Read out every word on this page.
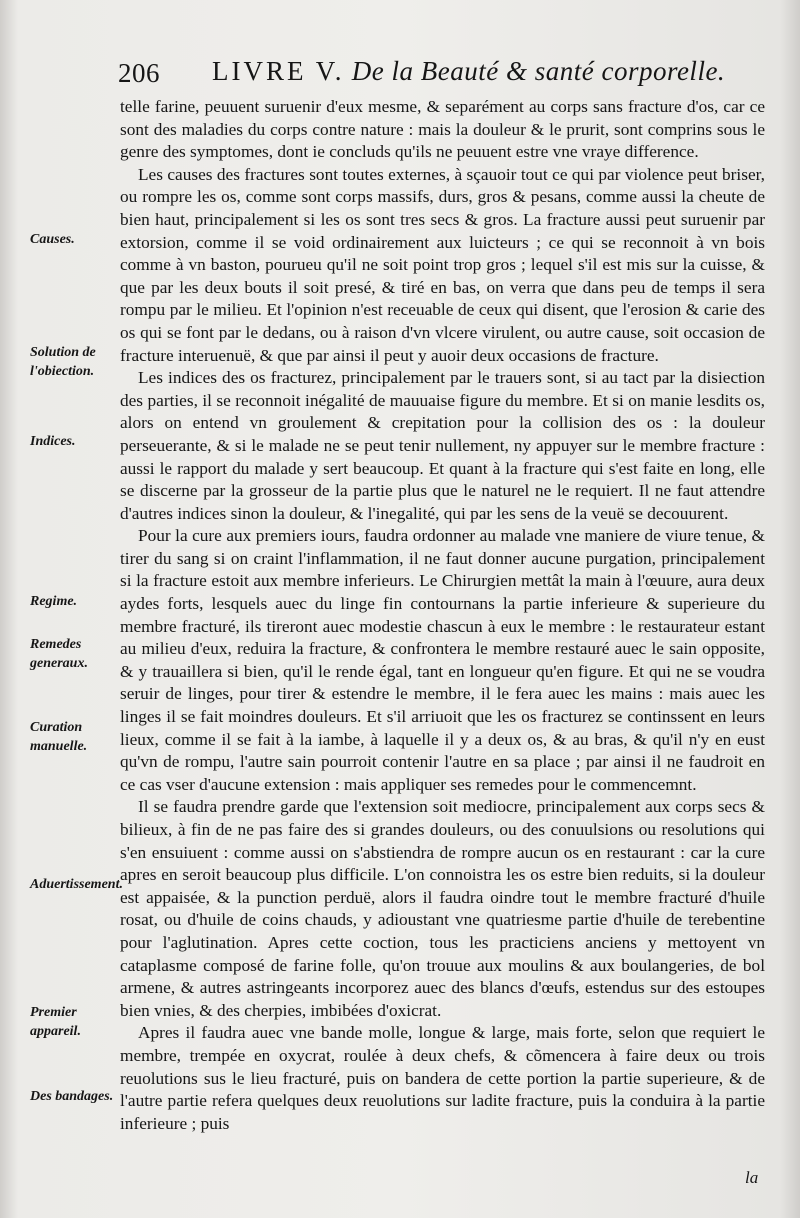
206 LIVRE V. De la Beauté & santé corporelle.

telle farine, peuuent suruenir d'eux mesme, & separément au corps sans fracture d'os, car ce sont des maladies du corps contre nature : mais la douleur & le prurit, sont comprins sous le genre des symptomes, dont ie concluds qu'ils ne peuuent estre vne vraye difference.

Les causes des fractures sont toutes externes, à sçauoir tout ce qui par violence peut briser, ou rompre les os, comme sont corps massifs, durs, gros & pesans, comme aussi la cheute de bien haut, principalement si les os sont tres secs & gros. La fracture aussi peut suruenir par extorsion, comme il se void ordinairement aux luicteurs ; ce qui se reconnoit à vn bois comme à vn baston, pourueu qu'il ne soit point trop gros ; lequel s'il est mis sur la cuisse, & que par les deux bouts il soit presé, & tiré en bas, on verra que dans peu de temps il sera rompu par le milieu. Et l'opinion n'est receuable de ceux qui disent, que l'erosion & carie des os qui se font par le dedans, ou à raison d'vn vlcere virulent, ou autre cause, soit occasion de fracture interuenuë, & que par ainsi il peut y auoir deux occasions de fracture.

Les indices des os fracturez, principalement par le trauers sont, si au tact par la disiection des parties, il se reconnoit inégalité de mauuaise figure du membre. Et si on manie lesdits os, alors on entend vn groulement & crepitation pour la collision des os : la douleur perseuerante, & si le malade ne se peut tenir nullement, ny appuyer sur le membre fracture : aussi le rapport du malade y sert beaucoup. Et quant à la fracture qui s'est faite en long, elle se discerne par la grosseur de la partie plus que le naturel ne le requiert. Il ne faut attendre d'autres indices sinon la douleur, & l'inegalité, qui par les sens de la veuë se decouurent.

Pour la cure aux premiers iours, faudra ordonner au malade vne maniere de viure tenue, & tirer du sang si on craint l'inflammation, il ne faut donner aucune purgation, principalement si la fracture estoit aux membre inferieurs. Le Chirurgien mettât la main à l'œuure, aura deux aydes forts, lesquels auec du linge fin contournans la partie inferieure & superieure du membre fracturé, ils tireront auec modestie chascun à eux le membre : le restaurateur estant au milieu d'eux, reduira la fracture, & confrontera le membre restauré auec le sain opposite, & y trauaillera si bien, qu'il le rende égal, tant en longueur qu'en figure. Et qui ne se voudra seruir de linges, pour tirer & estendre le membre, il le fera auec les mains : mais auec les linges il se fait moindres douleurs. Et s'il arriuoit que les os fracturez se continssent en leurs lieux, comme il se fait à la iambe, à laquelle il y a deux os, & au bras, & qu'il n'y en eust qu'vn de rompu, l'autre sain pourroit contenir l'autre en sa place ; par ainsi il ne faudroit en ce cas vser d'aucune extension : mais appliquer ses remedes pour le commencemnt.

Il se faudra prendre garde que l'extension soit mediocre, principalement aux corps secs & bilieux, à fin de ne pas faire des si grandes douleurs, ou des conuulsions ou resolutions qui s'en ensuiuent : comme aussi on s'abstiendra de rompre aucun os en restaurant : car la cure apres en seroit beaucoup plus difficile. L'on connoistra les os estre bien reduits, si la douleur est appaisée, & la punction perduë, alors il faudra oindre tout le membre fracturé d'huile rosat, ou d'huile de coins chauds, y adioustant vne quatriesme partie d'huile de terebentine pour l'aglutination. Apres cette coction, tous les practiciens anciens y mettoyent vn cataplasme composé de farine folle, qu'on trouue aux moulins & aux boulangeries, de bol armene, & autres astringeants incorporez auec des blancs d'œufs, estendus sur des estoupes bien vnies, & des cherpies, imbibées d'oxicrat.

Apres il faudra auec vne bande molle, longue & large, mais forte, selon que requiert le membre, trempée en oxycrat, roulée à deux chefs, & cõmencera à faire deux ou trois reuolutions sus le lieu fracturé, puis on bandera de cette portion la partie superieure, & de l'autre partie refera quelques deux reuolutions sur ladite fracture, puis la conduira à la partie inferieure ; puis

Causes.
Solution de l'obiection.
Indices.
Regime.
Remedes generaux.
Curation manuelle.
Aduertissement.
Premier appareil.
Des bandages.
la
